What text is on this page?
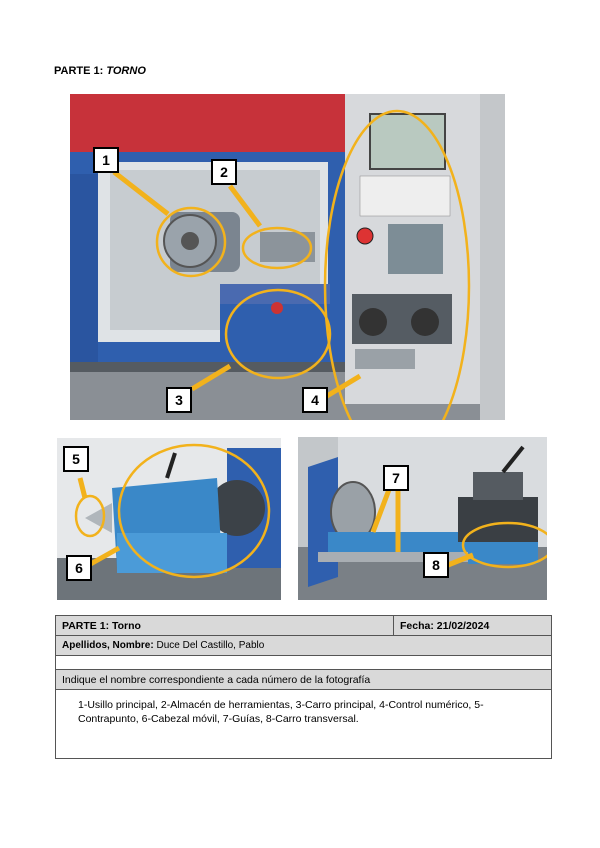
PARTE 1: TORNO
1
2
3	4
5
6
7
8
PARTE 1: Torno	Fecha: 21/02/2024
Apellidos, Nombre: Duce Del Castillo, Pablo

Indique el nombre correspondiente a cada número de la fotografía
1-Usillo principal, 2-Almacén de herramientas, 3-Carro principal, 4-Control numérico, 5-Contrapunto, 6-Cabezal móvil, 7-Guías, 8-Carro transversal.
